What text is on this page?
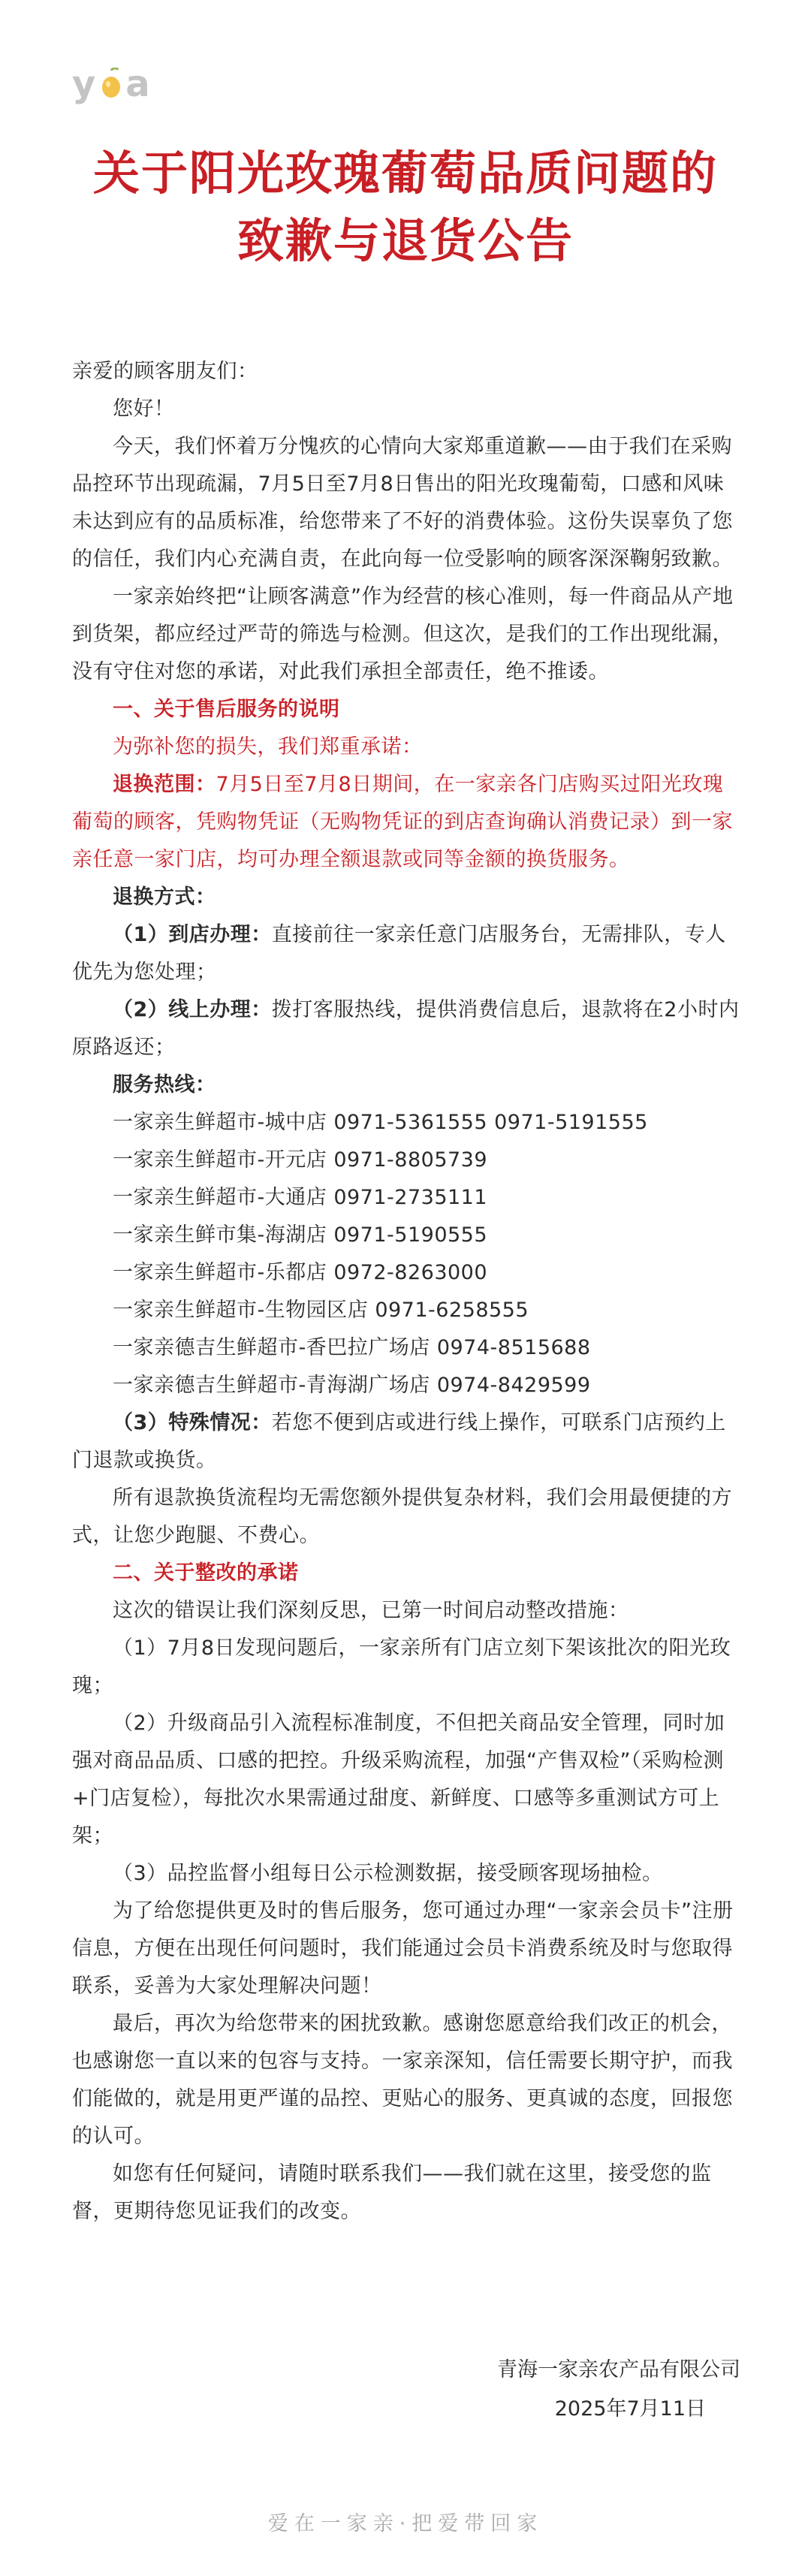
y a
关于阳光玫瑰葡萄品质问题的
致歉与退货公告

亲爱的顾客朋友们：

您好！

今天，我们怀着万分愧疚的心情向大家郑重道歉——由于我们在采购品控环节出现疏漏，7月5日至7月8日售出的阳光玫瑰葡萄，口感和风味未达到应有的品质标准，给您带来了不好的消费体验。这份失误辜负了您的信任，我们内心充满自责，在此向每一位受影响的顾客深深鞠躬致歉。

一家亲始终把“让顾客满意”作为经营的核心准则，每一件商品从产地到货架，都应经过严苛的筛选与检测。但这次，是我们的工作出现纰漏，没有守住对您的承诺，对此我们承担全部责任，绝不推诿。

一、关于售后服务的说明

为弥补您的损失，我们郑重承诺：

退换范围：7月5日至7月8日期间，在一家亲各门店购买过阳光玫瑰葡萄的顾客，凭购物凭证（无购物凭证的到店查询确认消费记录）到一家亲任意一家门店，均可办理全额退款或同等金额的换货服务。

退换方式：

（1）到店办理：直接前往一家亲任意门店服务台，无需排队，专人优先为您处理；

（2）线上办理：拨打客服热线，提供消费信息后，退款将在2小时内原路返还；

服务热线：

一家亲生鲜超市-城中店 0971-5361555 0971-5191555

一家亲生鲜超市-开元店 0971-8805739

一家亲生鲜超市-大通店 0971-2735111

一家亲生鲜市集-海湖店 0971-5190555

一家亲生鲜超市-乐都店 0972-8263000

一家亲生鲜超市-生物园区店 0971-6258555

一家亲德吉生鲜超市-香巴拉广场店 0974-8515688

一家亲德吉生鲜超市-青海湖广场店 0974-8429599

（3）特殊情况：若您不便到店或进行线上操作，可联系门店预约上门退款或换货。

所有退款换货流程均无需您额外提供复杂材料，我们会用最便捷的方式，让您少跑腿、不费心。

二、关于整改的承诺

这次的错误让我们深刻反思，已第一时间启动整改措施：

（1）7月8日发现问题后，一家亲所有门店立刻下架该批次的阳光玫瑰；

（2）升级商品引入流程标准制度，不但把关商品安全管理，同时加强对商品品质、口感的把控。升级采购流程，加强“产售双检”（采购检测+门店复检），每批次水果需通过甜度、新鲜度、口感等多重测试方可上架；

（3）品控监督小组每日公示检测数据，接受顾客现场抽检。

为了给您提供更及时的售后服务，您可通过办理“一家亲会员卡”注册信息，方便在出现任何问题时，我们能通过会员卡消费系统及时与您取得联系，妥善为大家处理解决问题！

最后，再次为给您带来的困扰致歉。感谢您愿意给我们改正的机会，也感谢您一直以来的包容与支持。一家亲深知，信任需要长期守护，而我们能做的，就是用更严谨的品控、更贴心的服务、更真诚的态度，回报您的认可。

如您有任何疑问，请随时联系我们——我们就在这里，接受您的监督，更期待您见证我们的改变。

青海一家亲农产品有限公司

2025年7月11日

爱在一家亲·把爱带回家
